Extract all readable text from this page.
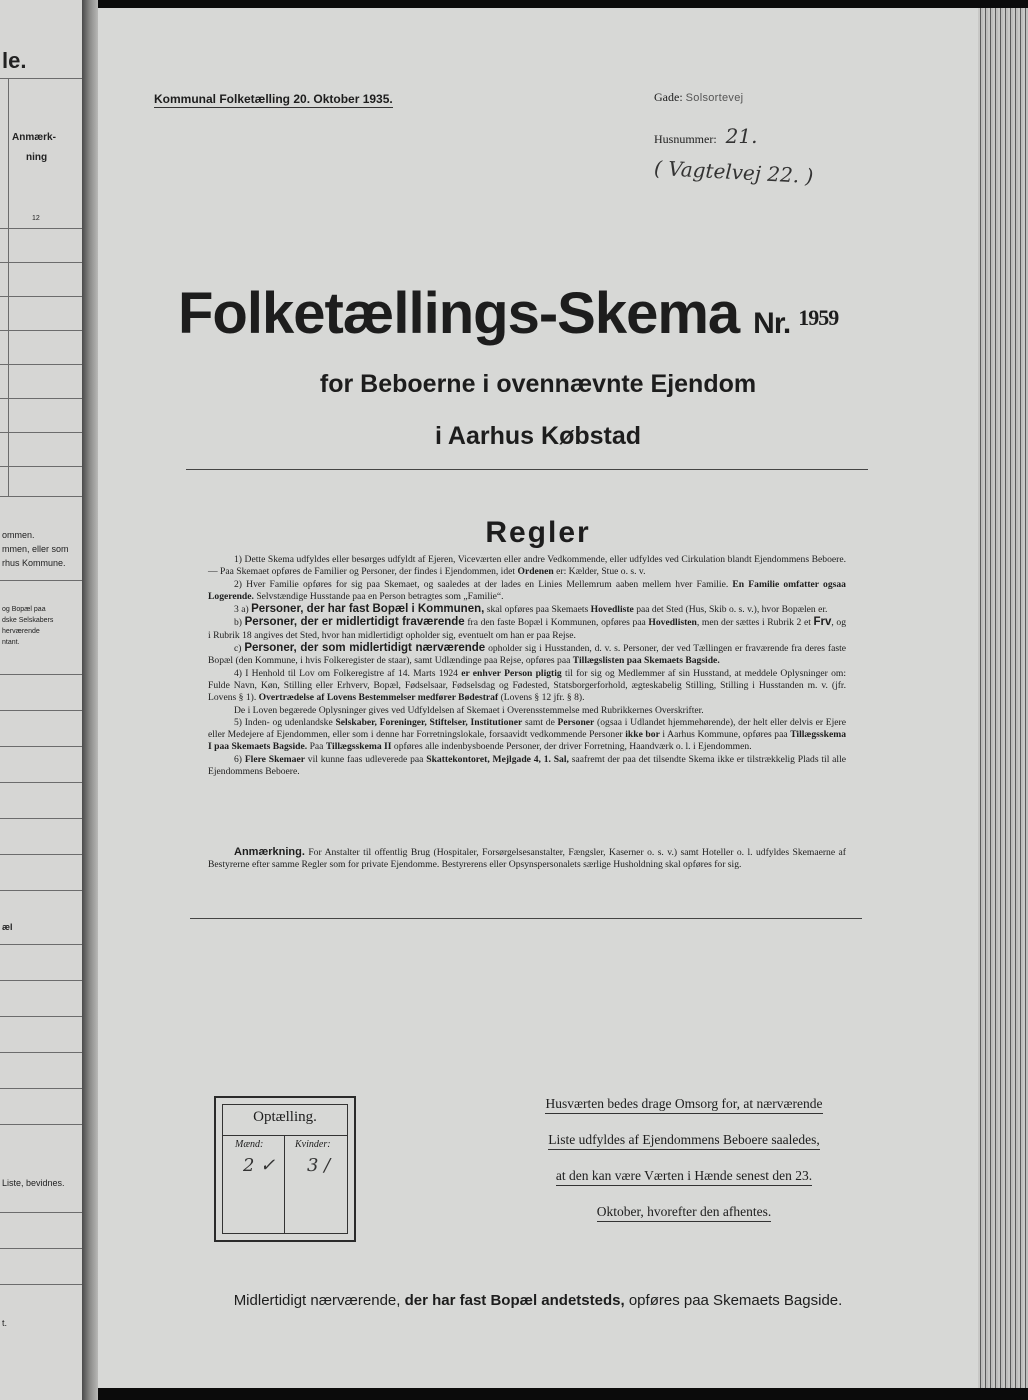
le.
Anmærk-
ning
12
ommen.
mmen, eller som
rhus Kommune.
og Bopæl paa
dske Selskabers
herværende
ntant.
æl
Liste, bevidnes.
t.
Kommunal Folketælling 20. Oktober 1935.	Gade: Solsortevej
Husnummer: 21.
( Vagtelvej 22. )
Folketællings-Skema Nr. 1959
for Beboerne i ovennævnte Ejendom
i Aarhus Købstad
Regler

1) Dette Skema udfyldes eller besørges udfyldt af Ejeren, Viceværten eller andre Vedkommende, eller udfyldes ved Cirkulation blandt Ejendommens Beboere. — Paa Skemaet opføres de Familier og Personer, der findes i Ejendommen, idet Ordenen er: Kælder, Stue o. s. v.

2) Hver Familie opføres for sig paa Skemaet, og saaledes at der lades en Linies Mellemrum aaben mellem hver Familie. En Familie omfatter ogsaa Logerende. Selvstændige Husstande paa en Person betragtes som „Familie“.

3 a) Personer, der har fast Bopæl i Kommunen, skal opføres paa Skemaets Hovedliste paa det Sted (Hus, Skib o. s. v.), hvor Bopælen er.

b) Personer, der er midlertidigt fraværende fra den faste Bopæl i Kommunen, opføres paa Hovedlisten, men der sættes i Rubrik 2 et Frv, og i Rubrik 18 angives det Sted, hvor han midlertidigt opholder sig, eventuelt om han er paa Rejse.

c) Personer, der som midlertidigt nærværende opholder sig i Husstanden, d. v. s. Personer, der ved Tællingen er fraværende fra deres faste Bopæl (den Kommune, i hvis Folkeregister de staar), samt Udlændinge paa Rejse, opføres paa Tillægslisten paa Skemaets Bagside.

4) I Henhold til Lov om Folkeregistre af 14. Marts 1924 er enhver Person pligtig til for sig og Medlemmer af sin Husstand, at meddele Oplysninger om: Fulde Navn, Køn, Stilling eller Erhverv, Bopæl, Fødselsaar, Fødselsdag og Fødested, Statsborgerforhold, ægteskabelig Stilling, Stilling i Husstanden m. v. (jfr. Lovens § 1). Overtrædelse af Lovens Bestemmelser medfører Bødestraf (Lovens § 12 jfr. § 8).

De i Loven begærede Oplysninger gives ved Udfyldelsen af Skemaet i Overensstemmelse med Rubrikkernes Overskrifter.

5) Inden- og udenlandske Selskaber, Foreninger, Stiftelser, Institutioner samt de Personer (ogsaa i Udlandet hjemmehørende), der helt eller delvis er Ejere eller Medejere af Ejendommen, eller som i denne har Forretningslokale, forsaavidt vedkommende Personer ikke bor i Aarhus Kommune, opføres paa Tillægsskema I paa Skemaets Bagside. Paa Tillægsskema II opføres alle indenbysboende Personer, der driver Forretning, Haandværk o. l. i Ejendommen.

6) Flere Skemaer vil kunne faas udleverede paa Skattekontoret, Mejlgade 4, 1. Sal, saafremt der paa det tilsendte Skema ikke er tilstrækkelig Plads til alle Ejendommens Beboere.

Anmærkning. For Anstalter til offentlig Brug (Hospitaler, Forsørgelsesanstalter, Fængsler, Kaserner o. s. v.) samt Hoteller o. l. udfyldes Skemaerne af Bestyrerne efter samme Regler som for private Ejendomme. Bestyrerens eller Opsynspersonalets særlige Husholdning skal opføres for sig.
Optælling.
Mænd:	Kvinder:
2 ✓ 3 /
Husværten bedes drage Omsorg for, at nærværende
Liste udfyldes af Ejendommens Beboere saaledes,
at den kan være Værten i Hænde senest den 23.
Oktober, hvorefter den afhentes.
Midlertidigt nærværende, der har fast Bopæl andetsteds, opføres paa Skemaets Bagside.
